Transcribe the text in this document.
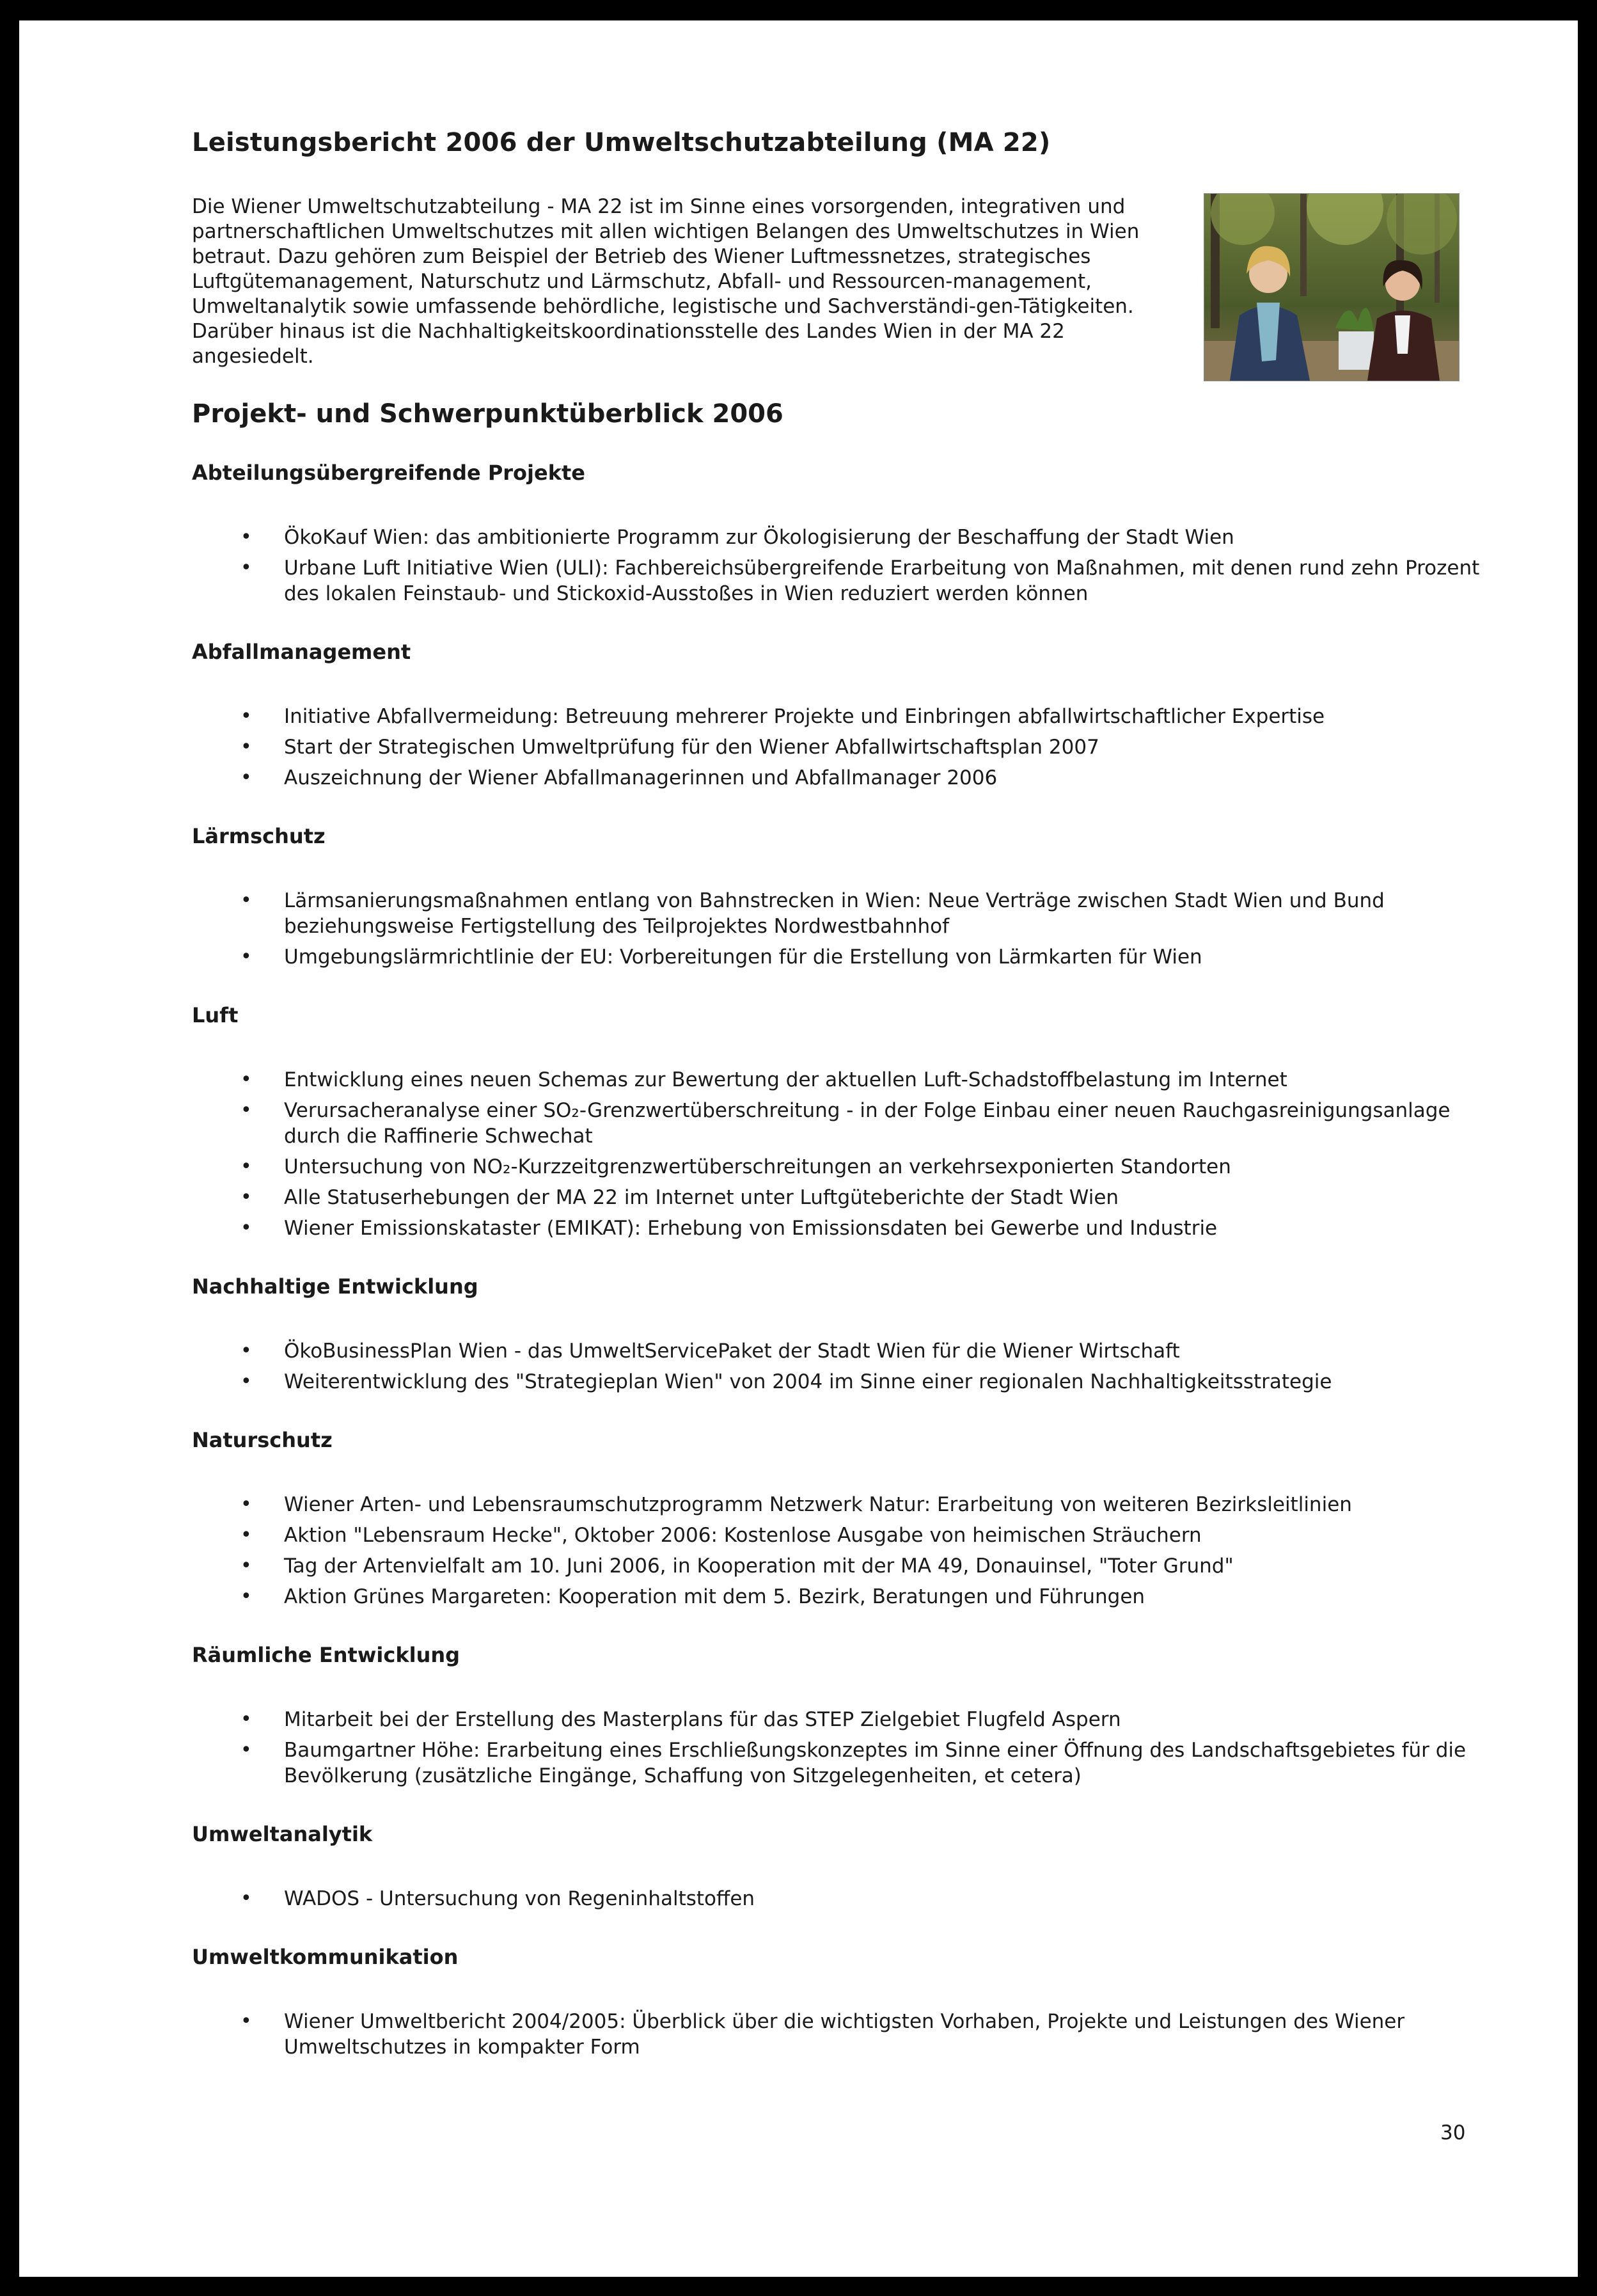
Leistungsbericht 2006 der Umweltschutzabteilung (MA 22)
Die Wiener Umweltschutzabteilung - MA 22 ist im Sinne eines vorsorgenden, integrativen und partnerschaftlichen Umweltschutzes mit allen wichtigen Belangen des Umweltschutzes in Wien betraut. Dazu gehören zum Beispiel der Betrieb des Wiener Luftmessnetzes, strategisches Luftgütemanagement, Naturschutz und Lärmschutz, Abfall- und Ressourcen-management, Umweltanalytik sowie umfassende behördliche, legistische und Sachverständi-gen-Tätigkeiten. Darüber hinaus ist die Nachhaltigkeitskoordinationsstelle des Landes Wien in der MA 22 angesiedelt.
Projekt- und Schwerpunktüberblick 2006
Abteilungsübergreifende Projekte
• ÖkoKauf Wien: das ambitionierte Programm zur Ökologisierung der Beschaffung der Stadt Wien
• Urbane Luft Initiative Wien (ULI): Fachbereichsübergreifende Erarbeitung von Maßnahmen, mit denen rund zehn Prozent des lokalen Feinstaub- und Stickoxid-Ausstoßes in Wien reduziert werden können
Abfallmanagement
• Initiative Abfallvermeidung: Betreuung mehrerer Projekte und Einbringen abfallwirtschaftlicher Expertise
• Start der Strategischen Umweltprüfung für den Wiener Abfallwirtschaftsplan 2007
• Auszeichnung der Wiener Abfallmanagerinnen und Abfallmanager 2006
Lärmschutz
• Lärmsanierungsmaßnahmen entlang von Bahnstrecken in Wien: Neue Verträge zwischen Stadt Wien und Bund beziehungsweise Fertigstellung des Teilprojektes Nordwestbahnhof
• Umgebungslärmrichtlinie der EU: Vorbereitungen für die Erstellung von Lärmkarten für Wien
Luft
• Entwicklung eines neuen Schemas zur Bewertung der aktuellen Luft-Schadstoffbelastung im Internet
• Verursacheranalyse einer SO₂-Grenzwertüberschreitung - in der Folge Einbau einer neuen Rauchgasreinigungsanlage durch die Raffinerie Schwechat
• Untersuchung von NO₂-Kurzzeitgrenzwertüberschreitungen an verkehrsexponierten Standorten
• Alle Statuserhebungen der MA 22 im Internet unter Luftgüteberichte der Stadt Wien
• Wiener Emissionskataster (EMIKAT): Erhebung von Emissionsdaten bei Gewerbe und Industrie
Nachhaltige Entwicklung
• ÖkoBusinessPlan Wien - das UmweltServicePaket der Stadt Wien für die Wiener Wirtschaft
• Weiterentwicklung des "Strategieplan Wien" von 2004 im Sinne einer regionalen Nachhaltigkeitsstrategie
Naturschutz
• Wiener Arten- und Lebensraumschutzprogramm Netzwerk Natur: Erarbeitung von weiteren Bezirksleitlinien
• Aktion "Lebensraum Hecke", Oktober 2006: Kostenlose Ausgabe von heimischen Sträuchern
• Tag der Artenvielfalt am 10. Juni 2006, in Kooperation mit der MA 49, Donauinsel, "Toter Grund"
• Aktion Grünes Margareten: Kooperation mit dem 5. Bezirk, Beratungen und Führungen
Räumliche Entwicklung
• Mitarbeit bei der Erstellung des Masterplans für das STEP Zielgebiet Flugfeld Aspern
• Baumgartner Höhe: Erarbeitung eines Erschließungskonzeptes im Sinne einer Öffnung des Landschaftsgebietes für die Bevölkerung (zusätzliche Eingänge, Schaffung von Sitzgelegenheiten, et cetera)
Umweltanalytik
• WADOS - Untersuchung von Regeninhaltstoffen
Umweltkommunikation
• Wiener Umweltbericht 2004/2005: Überblick über die wichtigsten Vorhaben, Projekte und Leistungen des Wiener Umweltschutzes in kompakter Form
30
